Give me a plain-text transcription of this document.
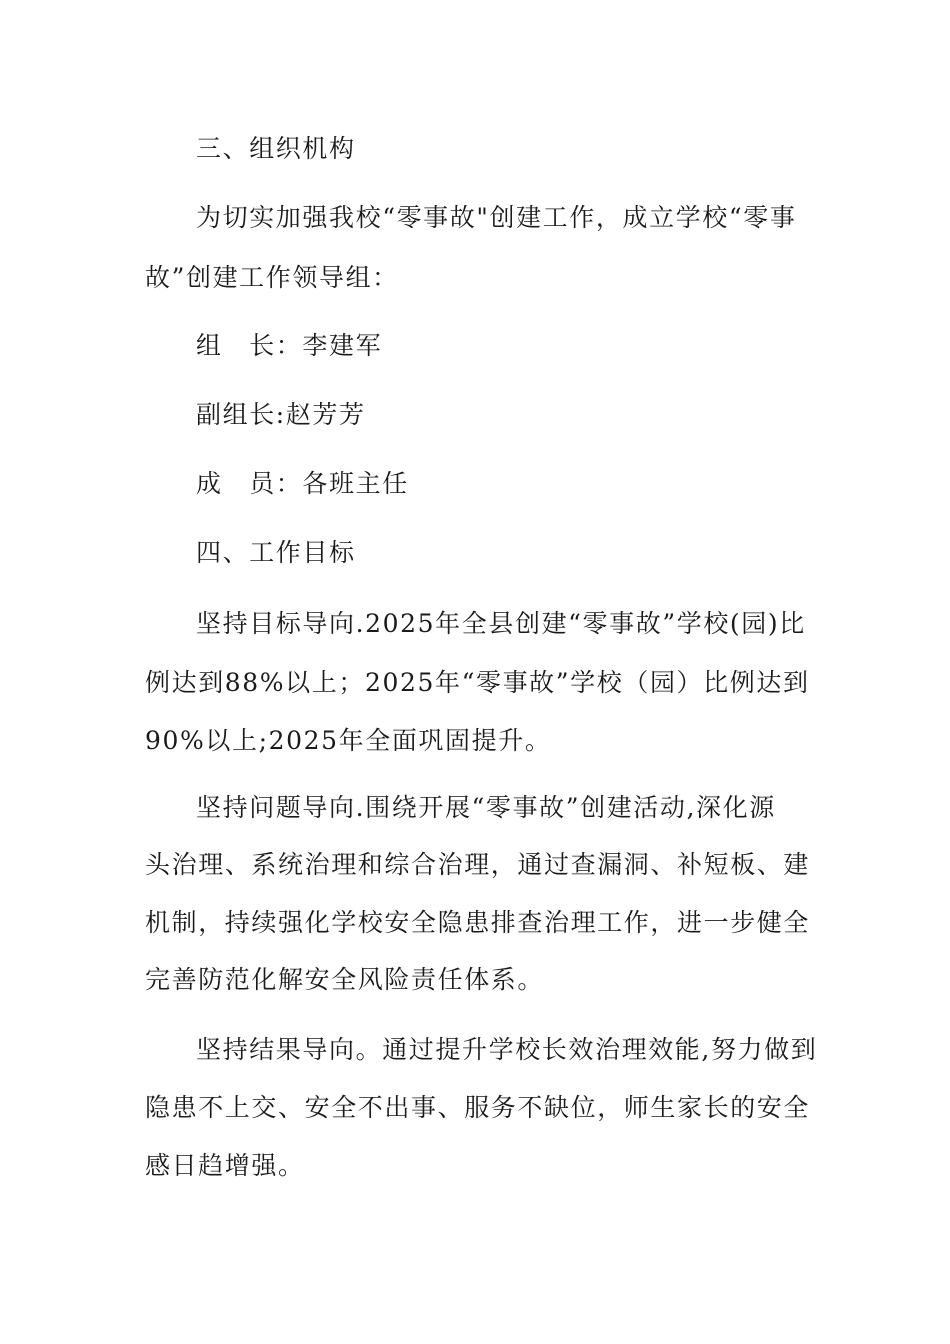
三、组织机构
为切实加强我校“零事故"创建工作，成立学校“零事
故”创建工作领导组：
组　长：李建军
副组长:赵芳芳
成　员：各班主任
四、工作目标
坚持目标导向.2025年全县创建“零事故”学校(园)比
例达到88%以上；2025年“零事故”学校（园）比例达到
90%以上;2025年全面巩固提升。
坚持问题导向.围绕开展“零事故”创建活动,深化源
头治理、系统治理和综合治理，通过查漏洞、补短板、建
机制，持续强化学校安全隐患排查治理工作，进一步健全
完善防范化解安全风险责任体系。
坚持结果导向。通过提升学校长效治理效能,努力做到
隐患不上交、安全不出事、服务不缺位，师生家长的安全
感日趋增强。
